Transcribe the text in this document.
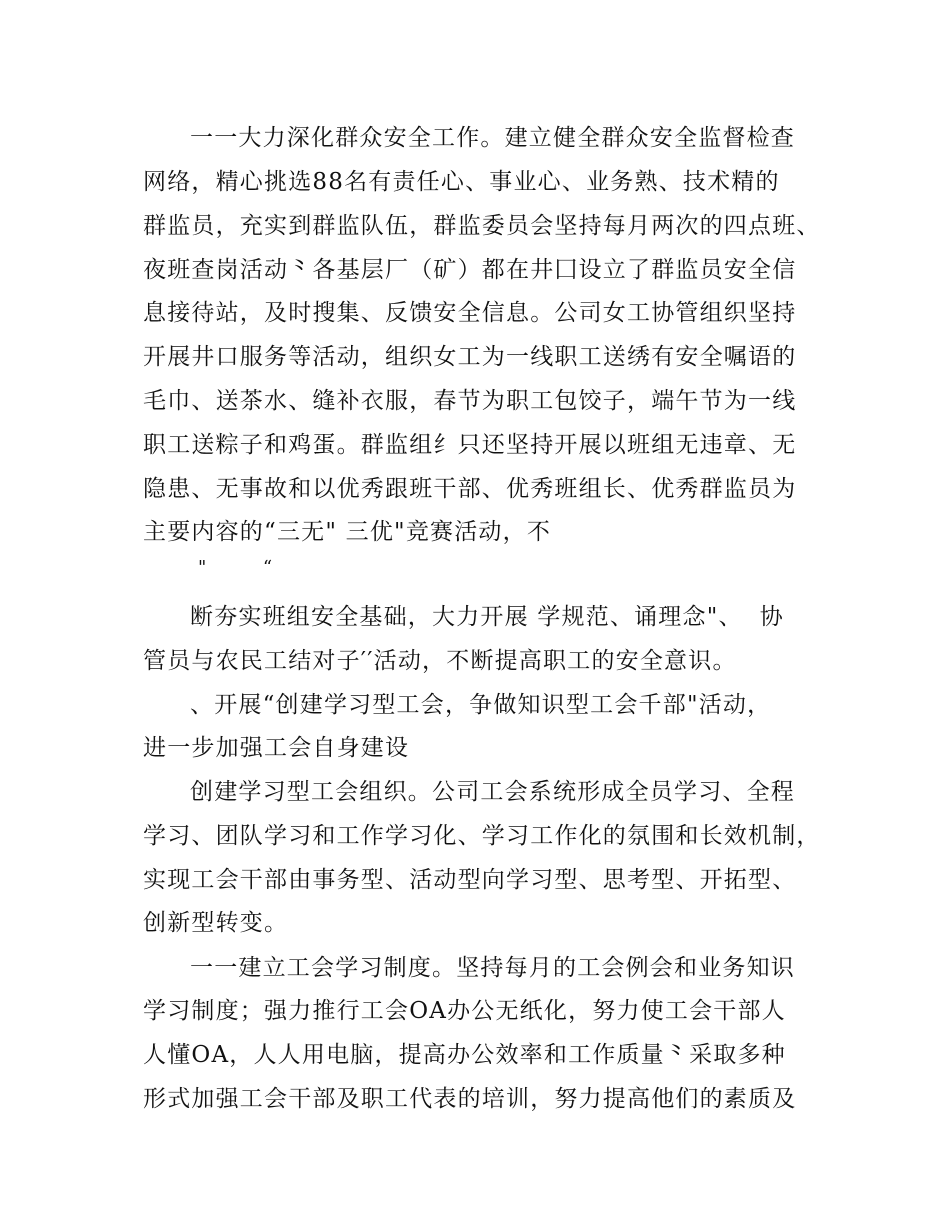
一一大力深化群众安全工作。建立健全群众安全监督检查
网络，精心挑选88名有责任心、事业心、业务熟、技术精的
群监员，充实到群监队伍，群监委员会坚持每月两次的四点班、
夜班查岗活动⺀各基层厂（矿）都在井囗设立了群监员安全信
息接待站，及时搜集、反馈安全信息。公司女工协管组织坚持
开展井口服务等活动，组织女工为一线职工送绣有安全嘱语的
毛巾、送茶水、缝补衣服，春节为职工包饺子，端午节为一线
职工送粽子和鸡蛋。群监组纟只还坚持开展以班组无违章、无
隐患、无事故和以优秀跟班干部、优秀班组长、优秀群监员为
主要内容的“三无" 三优"竞赛活动，不
"        “
断夯实班组安全基础，大力开展 学规范、诵理念"、  协
管员与农民工结对子′′活动，不断提高职工的安全意识。
、开展“创建学习型工会，争做知识型工会千部"活动，
进一步加强工会自身建设
创建学习型工会组织。公司工会系统形成全员学习、全程
学习、团队学习和工作学习化、学习工作化的氛围和长效机制，
实现工会干部由事务型、活动型向学习型、思考型、开拓型、
创新型转变。
一一建立工会学习制度。坚持每月的工会例会和业务知识
学习制度；强力推行工会OA办公无纸化，努力使工会干部人
人懂OA，人人用电脑，提高办公效率和工作质量⺀采取多种
形式加强工会干部及职工代表的培训，努力提高他们的素质及
